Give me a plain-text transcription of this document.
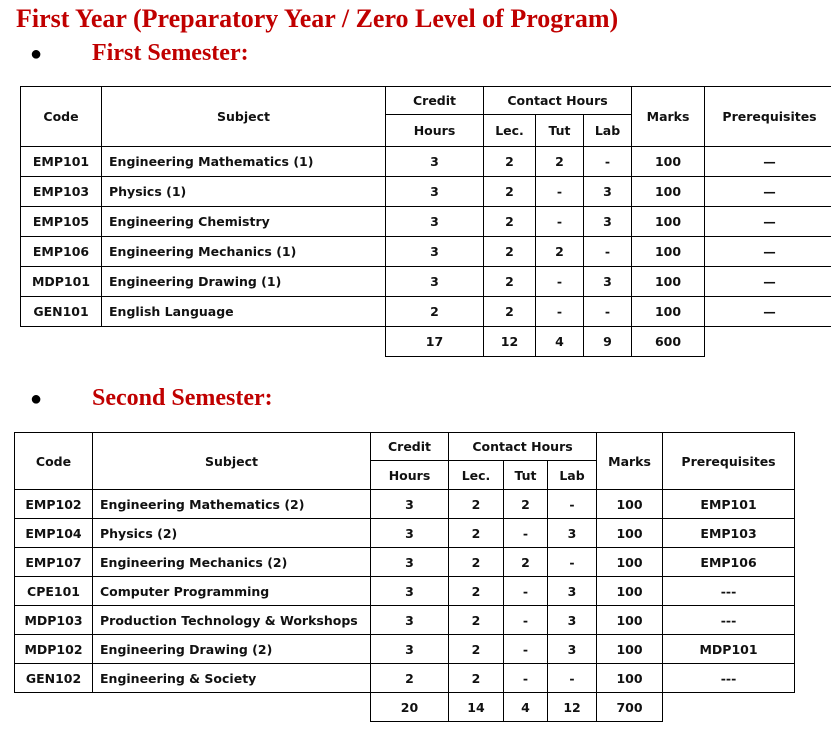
First Year (Preparatory Year / Zero Level of Program)
● First Semester:
Code	Subject	Credit	Contact Hours			Marks	Prerequisites
		Hours	Lec.	Tut	Lab		
EMP101	Engineering Mathematics (1)	3	2	2	-	100	—
EMP103	Physics (1)	3	2	-	3	100	—
EMP105	Engineering Chemistry	3	2	-	3	100	—
EMP106	Engineering Mechanics (1)	3	2	2	-	100	—
MDP101	Engineering Drawing (1)	3	2	-	3	100	—
GEN101	English Language	2	2	-	-	100	—
		17	12	4	9	600	
● Second Semester:
Code	Subject	Credit	Contact Hours			Marks	Prerequisites
		Hours	Lec.	Tut	Lab		
EMP102	Engineering Mathematics (2)	3	2	2	-	100	EMP101
EMP104	Physics (2)	3	2	-	3	100	EMP103
EMP107	Engineering Mechanics (2)	3	2	2	-	100	EMP106
CPE101	Computer Programming	3	2	-	3	100	---
MDP103	Production Technology & Workshops	3	2	-	3	100	---
MDP102	Engineering Drawing (2)	3	2	-	3	100	MDP101
GEN102	Engineering & Society	2	2	-	-	100	---
		20	14	4	12	700	
